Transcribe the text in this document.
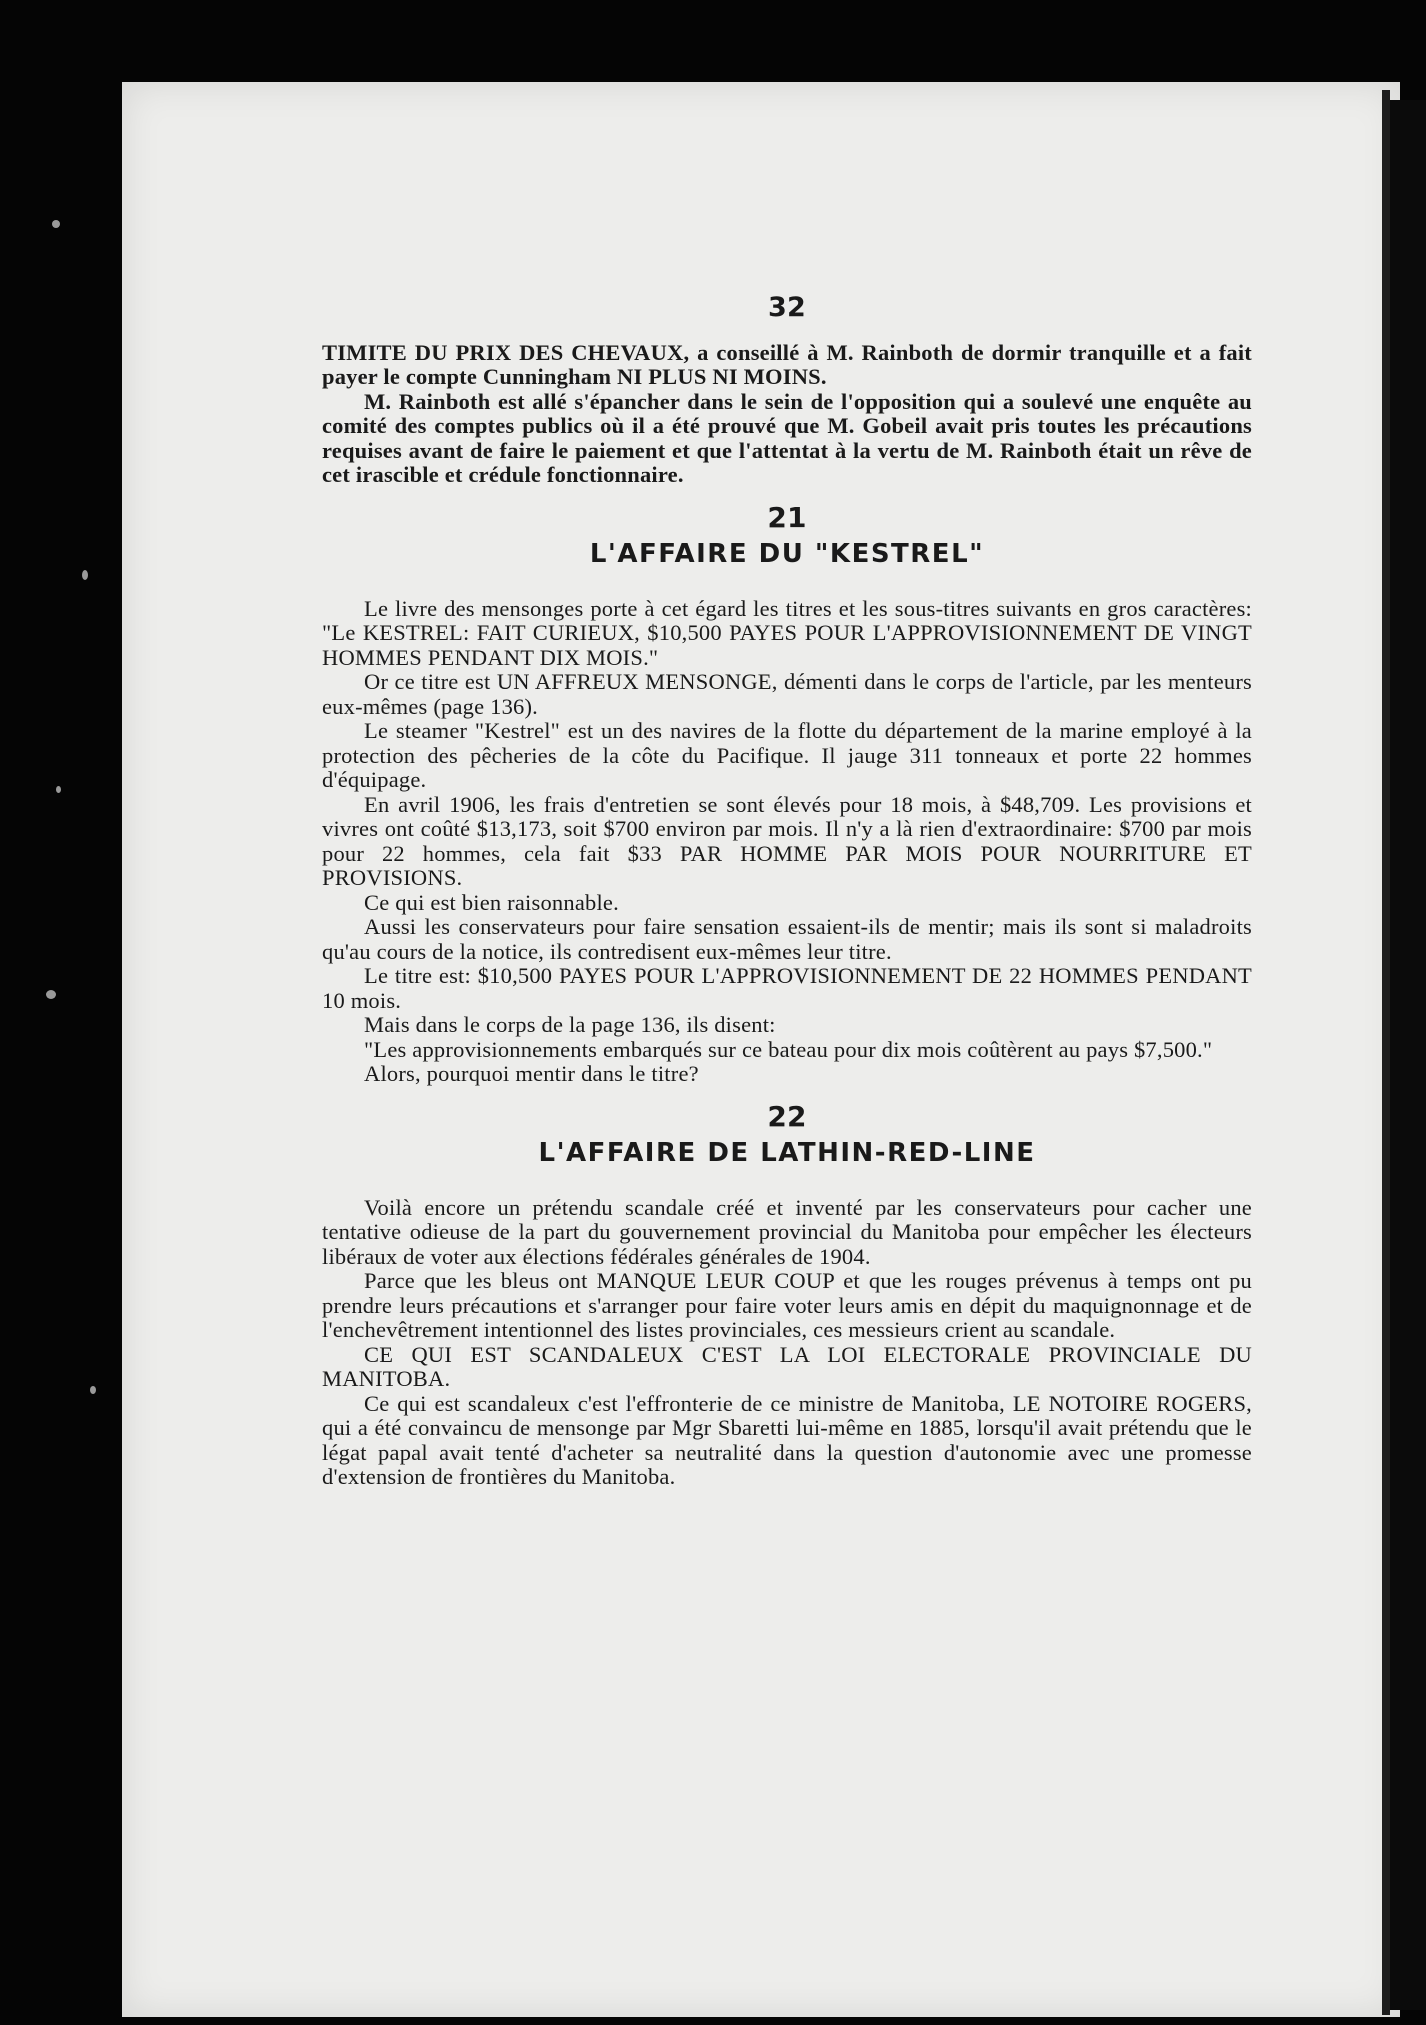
32

TIMITE DU PRIX DES CHEVAUX, a conseillé à M. Rainboth de dormir tranquille et a fait payer le compte Cunningham NI PLUS NI MOINS.

M. Rainboth est allé s'épancher dans le sein de l'opposition qui a soulevé une enquête au comité des comptes publics où il a été prouvé que M. Gobeil avait pris toutes les précautions requises avant de faire le paiement et que l'attentat à la vertu de M. Rainboth était un rêve de cet irascible et crédule fonctionnaire.

21
L'AFFAIRE DU "KESTREL"

Le livre des mensonges porte à cet égard les titres et les sous-titres suivants en gros caractères: "Le KESTREL: FAIT CURIEUX, $10,500 PAYES POUR L'APPROVISIONNEMENT DE VINGT HOMMES PENDANT DIX MOIS."

Or ce titre est UN AFFREUX MENSONGE, démenti dans le corps de l'article, par les menteurs eux-mêmes (page 136).

Le steamer "Kestrel" est un des navires de la flotte du département de la marine employé à la protection des pêcheries de la côte du Pacifique. Il jauge 311 tonneaux et porte 22 hommes d'équipage.

En avril 1906, les frais d'entretien se sont élevés pour 18 mois, à $48,709. Les provisions et vivres ont coûté $13,173, soit $700 environ par mois. Il n'y a là rien d'extraordinaire: $700 par mois pour 22 hommes, cela fait $33 PAR HOMME PAR MOIS POUR NOURRITURE ET PROVISIONS.

Ce qui est bien raisonnable.

Aussi les conservateurs pour faire sensation essaient-ils de mentir; mais ils sont si maladroits qu'au cours de la notice, ils contredisent eux-mêmes leur titre.

Le titre est: $10,500 PAYES POUR L'APPROVISIONNEMENT DE 22 HOMMES PENDANT 10 mois.

Mais dans le corps de la page 136, ils disent:

"Les approvisionnements embarqués sur ce bateau pour dix mois coûtèrent au pays $7,500."

Alors, pourquoi mentir dans le titre?

22
L'AFFAIRE DE LATHIN-RED-LINE

Voilà encore un prétendu scandale créé et inventé par les conservateurs pour cacher une tentative odieuse de la part du gouvernement provincial du Manitoba pour empêcher les électeurs libéraux de voter aux élections fédérales générales de 1904.

Parce que les bleus ont MANQUE LEUR COUP et que les rouges prévenus à temps ont pu prendre leurs précautions et s'arranger pour faire voter leurs amis en dépit du maquignonnage et de l'enchevêtrement intentionnel des listes provinciales, ces messieurs crient au scandale.

CE QUI EST SCANDALEUX C'EST LA LOI ELECTORALE PROVINCIALE DU MANITOBA.

Ce qui est scandaleux c'est l'effronterie de ce ministre de Manitoba, LE NOTOIRE ROGERS, qui a été convaincu de mensonge par Mgr Sbaretti lui-même en 1885, lorsqu'il avait prétendu que le légat papal avait tenté d'acheter sa neutralité dans la question d'autonomie avec une promesse d'extension de frontières du Manitoba.
